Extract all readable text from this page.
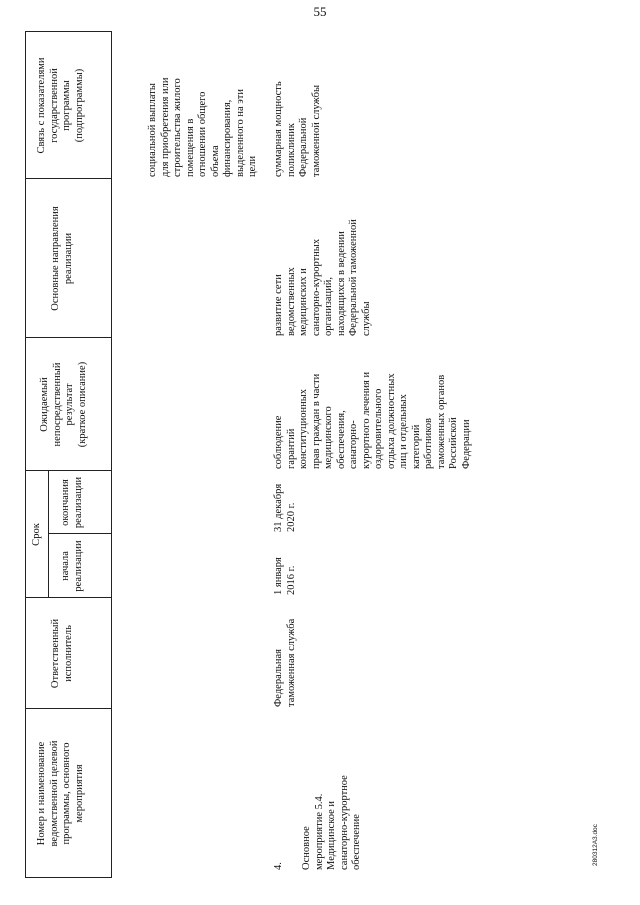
55
280312A3.doc
Номер и наименование
ведомственной целевой
программы, основного
мероприятия
Ответственный
исполнитель
Срок
начала
реализации
окончания
реализации
Ожидаемый
непосредственный
результат
(краткое описание)
Основные направления
реализации
Связь с показателями
государственной
программы
(подпрограммы)
социальной выплаты
для приобретения или
строительства жилого
помещения в
отношении общего
объема
финансирования,
выделенного на эти
цели
4. Основное
мероприятие 5.4.
Медицинское и
санаторно-курортное
обеспечение
Федеральная
таможенная служба
1 января
2016 г.
31 декабря
2020 г.
соблюдение
гарантий
конституционных
прав граждан в части
медицинского
обеспечения,
санаторно-
курортного лечения и
оздоровительного
отдыха должностных
лиц и отдельных
категорий
работников
таможенных органов
Российской
Федерации
развитие сети
ведомственных
медицинских и
санаторно-курортных
организаций,
находящихся в ведении
Федеральной таможенной
службы
суммарная мощность
поликлиник
Федеральной
таможенной службы
